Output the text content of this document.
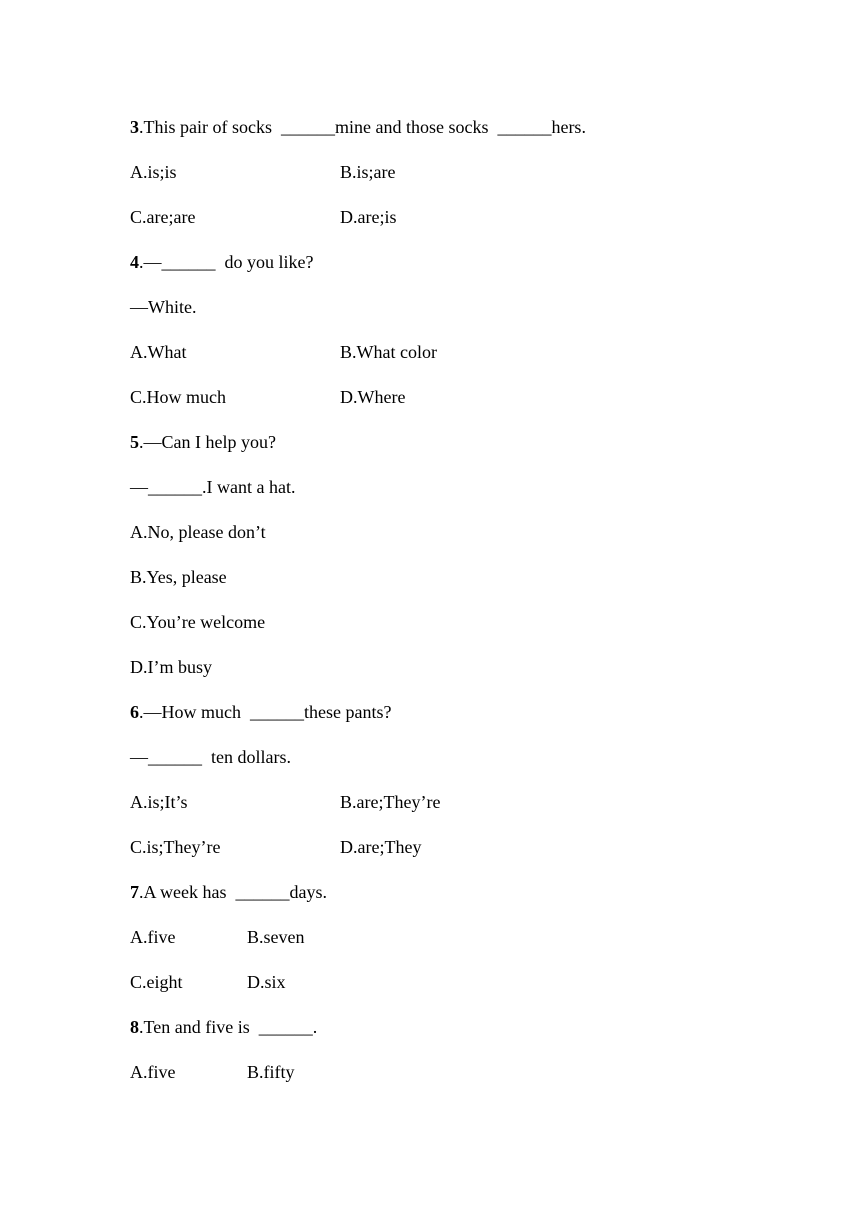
3.This pair of socks  ______mine and those socks  ______hers.
A.is;is	B.is;are
C.are;are	D.are;is
4.—______  do you like?
—White.
A.What	B.What color
C.How much	D.Where
5.—Can I help you?
—______.I want a hat.
A.No, please don’t
B.Yes, please
C.You’re welcome
D.I’m busy
6.—How much  ______these pants?
—______  ten dollars.
A.is;It’s	B.are;They’re
C.is;They’re	D.are;They
7.A week has  ______days.
A.five	B.seven
C.eight	D.six
8.Ten and five is  ______.
A.five	B.fifty
